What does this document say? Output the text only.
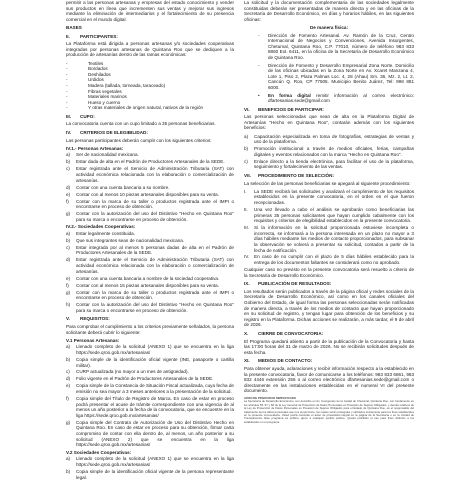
permitir a las personas artesanas y empresas del estado conocimiento y vender sus productos en línea que incrementen sus ventas y mejorar sus ingresos mediante la eliminación de intermediarios y el fortalecimiento de su presencia comercial en el mundo digital.

BASES
II.	PARTICIPANTES:

La Plataforma está dirigida a personas artesanas y/o sociedades cooperativas integradas por personas artesanas de Quintana Roo que se dediquen a la producción de artesanías dentro de las ramas económicas:

-	Textiles
-	Bordados
-	Deshilados
-	Urdidos
-	Madera (tallada, torneada, taraceado)
-	Fibras vegetales
-	Materiales marinos
-	Hueso y cuerno
-	Y otras materiales de origen natural, nativos de la región
III.	CUPO:

La convocatoria cuenta con un cupo limitado a 35 personas beneficiarias.

IV.	CRITERIOS DE ELEGIBILIDAD:

Las personas participantes deberán cumplir con los siguientes criterios:

IV.1.- Personas Artesanas:
a)	Ser de nacionalidad mexicana.
b)	Estar dada de alta en el Padrón de Productores Artesanales de la SEDE.
c)	Estar registrada ante el Servicio de Administración Tributaria (SAT) con actividad económica relacionada con la elaboración o comercialización de artesanías.
d)	Contar con una cuenta bancaria a su nombre.
e)	Contar con al menos 10 piezas artesanales disponibles para su venta.
f)	Contar con la marca de su taller o productos registrada ante el IMPI o encontrarse en proceso de obtención.
g)	Contar con la autorización del uso del Distintivo "Hecho en Quintana Roo" para su marca o encontrarse en proceso de obtención.
IV.2.- Sociedades Cooperativas:
a)	Estar legalmente constituida.
b)	Que sus integrantes sean de nacionalidad mexicana.
c)	Estar integrada por al menos 5 personas dadas de alta en el Padrón de Productores Artesanales de la SEDE.
d)	Estar registrada ante el Servicio de Administración Tributaria (SAT) con actividad económica relacionada con la elaboración o comercialización de artesanías.
e)	Contar con una cuenta bancaria a nombre de la sociedad cooperativa.
f)	Contar con al menos 15 piezas artesanales disponibles para su venta.
g)	Contar con la marca de su taller o productos registrada ante el IMPI o encontrarse en proceso de obtención.
h)	Contar con la autorización del uso del Distintivo "Hecho en Quintana Roo" para su marca o encontrarse en proceso de obtención.
V.	REQUISITOS:

Para comprobar el cumplimiento a los criterios previamente señalados, la persona solicitante deberá cubrir lo siguiente:

V.1 Personas Artesanas:
a)	Llenado completo de la solicitud (ANEXO 1) que se encuentra en la liga https://sede.qroo.gob.mx/artesanias/
b)	Copia simple de la identificación oficial vigente (INE, pasaporte o cartilla militar).
c)	CURP actualizada (no mayor a un mes de antigüedad).
d)	Folio vigente en el Padrón de Productores Artesanales de la SEDE.
e)	Copia simple de la Constancia de Situación Fiscal actualizada, cuya fecha de emisión no sea mayor a 3 meses anteriores a la presentación de la solicitud.
f)	Copia simple del Título de Registro de Marca. En caso de estar en proceso podrá presentar el acuse de trámite correspondiente con una vigencia de al menos un año posterior a la fecha de la convocatoria, que se encuentre en la liga https://sede.qroo.gob.mx/artesanias/
g)	Copia simple del Contrato de Autorización de Uso del Distintivo Hecho en Quintana Roo. En caso de estar en proceso para su obtención, firmar carta compromiso de contar con ella dentro de, al menos, un año posterior a su solicitud (ANEXO 2) que se encuentra en la liga https://sede.qroo.gob.mx/artesanias/
V.2 Sociedades Cooperativas:
a)	Llenado completo de la solicitud (ANEXO 1) que se encuentra en la liga https://sede.qroo.gob.mx/artesanias/
b)	Copia simple de la identificación oficial vigente de la persona representante legal.

La solicitud y la documentación complementaria de las sociedades legalmente constituidas deberán ser presentadas de manera directa y en las oficinas de la Secretaría de Desarrollo Económico, en días y horarios hábiles, en las siguientes oficinas:

De manera física:
-	Dirección de Fomento Artesanal. Av. Ramón de la Cruz, Centro Internacional de Negocios y Convenciones, Avenida Insurgentes, Chetumal, Quintana Roo, C.P. 77010, número de teléfono 983 833 8860 Ext. 6411, en la oficina de la Secretaría de Desarrollo Económico de Quintana Roo.
-	Dirección de Fomento y Desarrollo Empresarial Zona Norte. Domicilio de las oficinas ubicadas en la Zona Norte en Av. Xcaret Manzana 4, Lote 1, Piso 2, Plaza Palmas Loc. 4, 28 (Ahau) Sm. 36, Mz. 2, Lt. 2, Cancún Q. Roo, CP 77505. Municipio Benito Juárez, Tel: 998 881 6000.
•	En forma digital remitir información al correo electrónico: dfartesanias.sede@gmail.com
VI.	BENEFICIOS DE PARTICIPAR:

Las personas seleccionadas que sean de alta en la Plataforma Digital de Artesanías "Hecho en Quintana Roo", contarán además con los siguientes beneficios:

a)	Capacitación especializada en toma de fotografías, estrategias de ventas y uso de la plataforma.
b)	Promoción institucional a través de medios oficiales, ferias, campañas digitales y eventos relacionados con la marca "Hecho en Quintana Roo".
c)	Enlace directo a la tienda electrónica, para facilitar el uso de la plataforma, seguimiento y fortalecimiento de las ventas.
VII.	PROCEDIMIENTO DE SELECCIÓN:

La selección de las personas beneficiarias se apegará al siguiente procedimiento:

I.	La SEDE recibirá las solicitudes y analizará el cumplimiento de los requisitos establecidos en la presente convocatoria, en el orden en el que fueron recepcionadas.
II.	Una vez llevado a cabo el análisis se aprobarán como beneficiarias las primeras 35 personas solicitantes que hayan cumplido cabalmente con los requisitos y criterios de elegibilidad establecidos en la presente convocatoria.
III.	Si la información en la solicitud proporcionada estuviese incompleta o incorrecta, se informará a la persona interesada en un plazo no mayor a 3 días hábiles mediante los medios de contacto proporcionados, para subsanar la observación se volverá a presentar su solicitud, contados a partir de la fecha de notificación.
IV.	En caso de no cumplir con el plazo de 5 días hábiles establecido para la entrega de los documentos faltantes se considerará como no aprobado.

Cualquier caso no previsto en la presente convocatoria será resuelto a criterio de la Secretaría de Desarrollo Económico.

IX.	PUBLICACIÓN DE RESULTADOS:

Los resultados serán publicados a través de la página oficial y redes sociales de la Secretaría de Desarrollo Económico, así como en los canales oficiales del Gobierno del Estado, de igual forma las personas seleccionadas serán notificadas de manera directa, a través de los medios de contacto que hayan proporcionado en su solicitud de registro, y tengan lugar para obtención de los beneficios y su registro en la Plataforma. Dichas acciones se realizarán, a más tardar, el 9 de abril de 2026.

X.	CIERRE DE CONVOCATORIA:

El Programa quedará abierto a partir de la publicación de la Convocatoria y hasta las 17:00 horas del 31 de marzo de 2026. No se recibirán solicitudes después de esta fecha.

XI.	MEDIOS DE CONTACTO:

Para obtener ayuda, aclaraciones y recibir información respecto a la establecido en la presente convocatoria, favor de comunicarse a los teléfonos: 983 833 6861, 983 832 4446 extensión 256 o al correo electrónico dfartesanias.sede@gmail.com o directamente en las instalaciones establecidas en el numeral VI del presente documento.

AVISO DE PRIVACIDAD SIMPLIFICADO
La Secretaría de Desarrollo Económico, con domicilio en Av. Insurgentes de la ciudad de Chetumal, Quintana Roo, con fundamento en los artículos 65, 67 y 68 de la Ley General de Protección de Datos Personales en Posesión de Sujetos Obligados, y demás relativos de la Ley de Protección de Datos Personales en Posesión de Sujetos Obligados para el Estado de Quintana Roo, es el responsable del tratamiento de los datos personales que nos proporcione, los cuales serán protegidos y utilizados únicamente para los fines establecidos en la presente convocatoria. Usted podrá consultar el aviso de privacidad integral en la página de la Secretaría o en la Unidad de Transparencia. Este programa es público, ajeno a cualquier partido político. Queda prohibido el uso para fines distintos a los establecidos en el programa.
